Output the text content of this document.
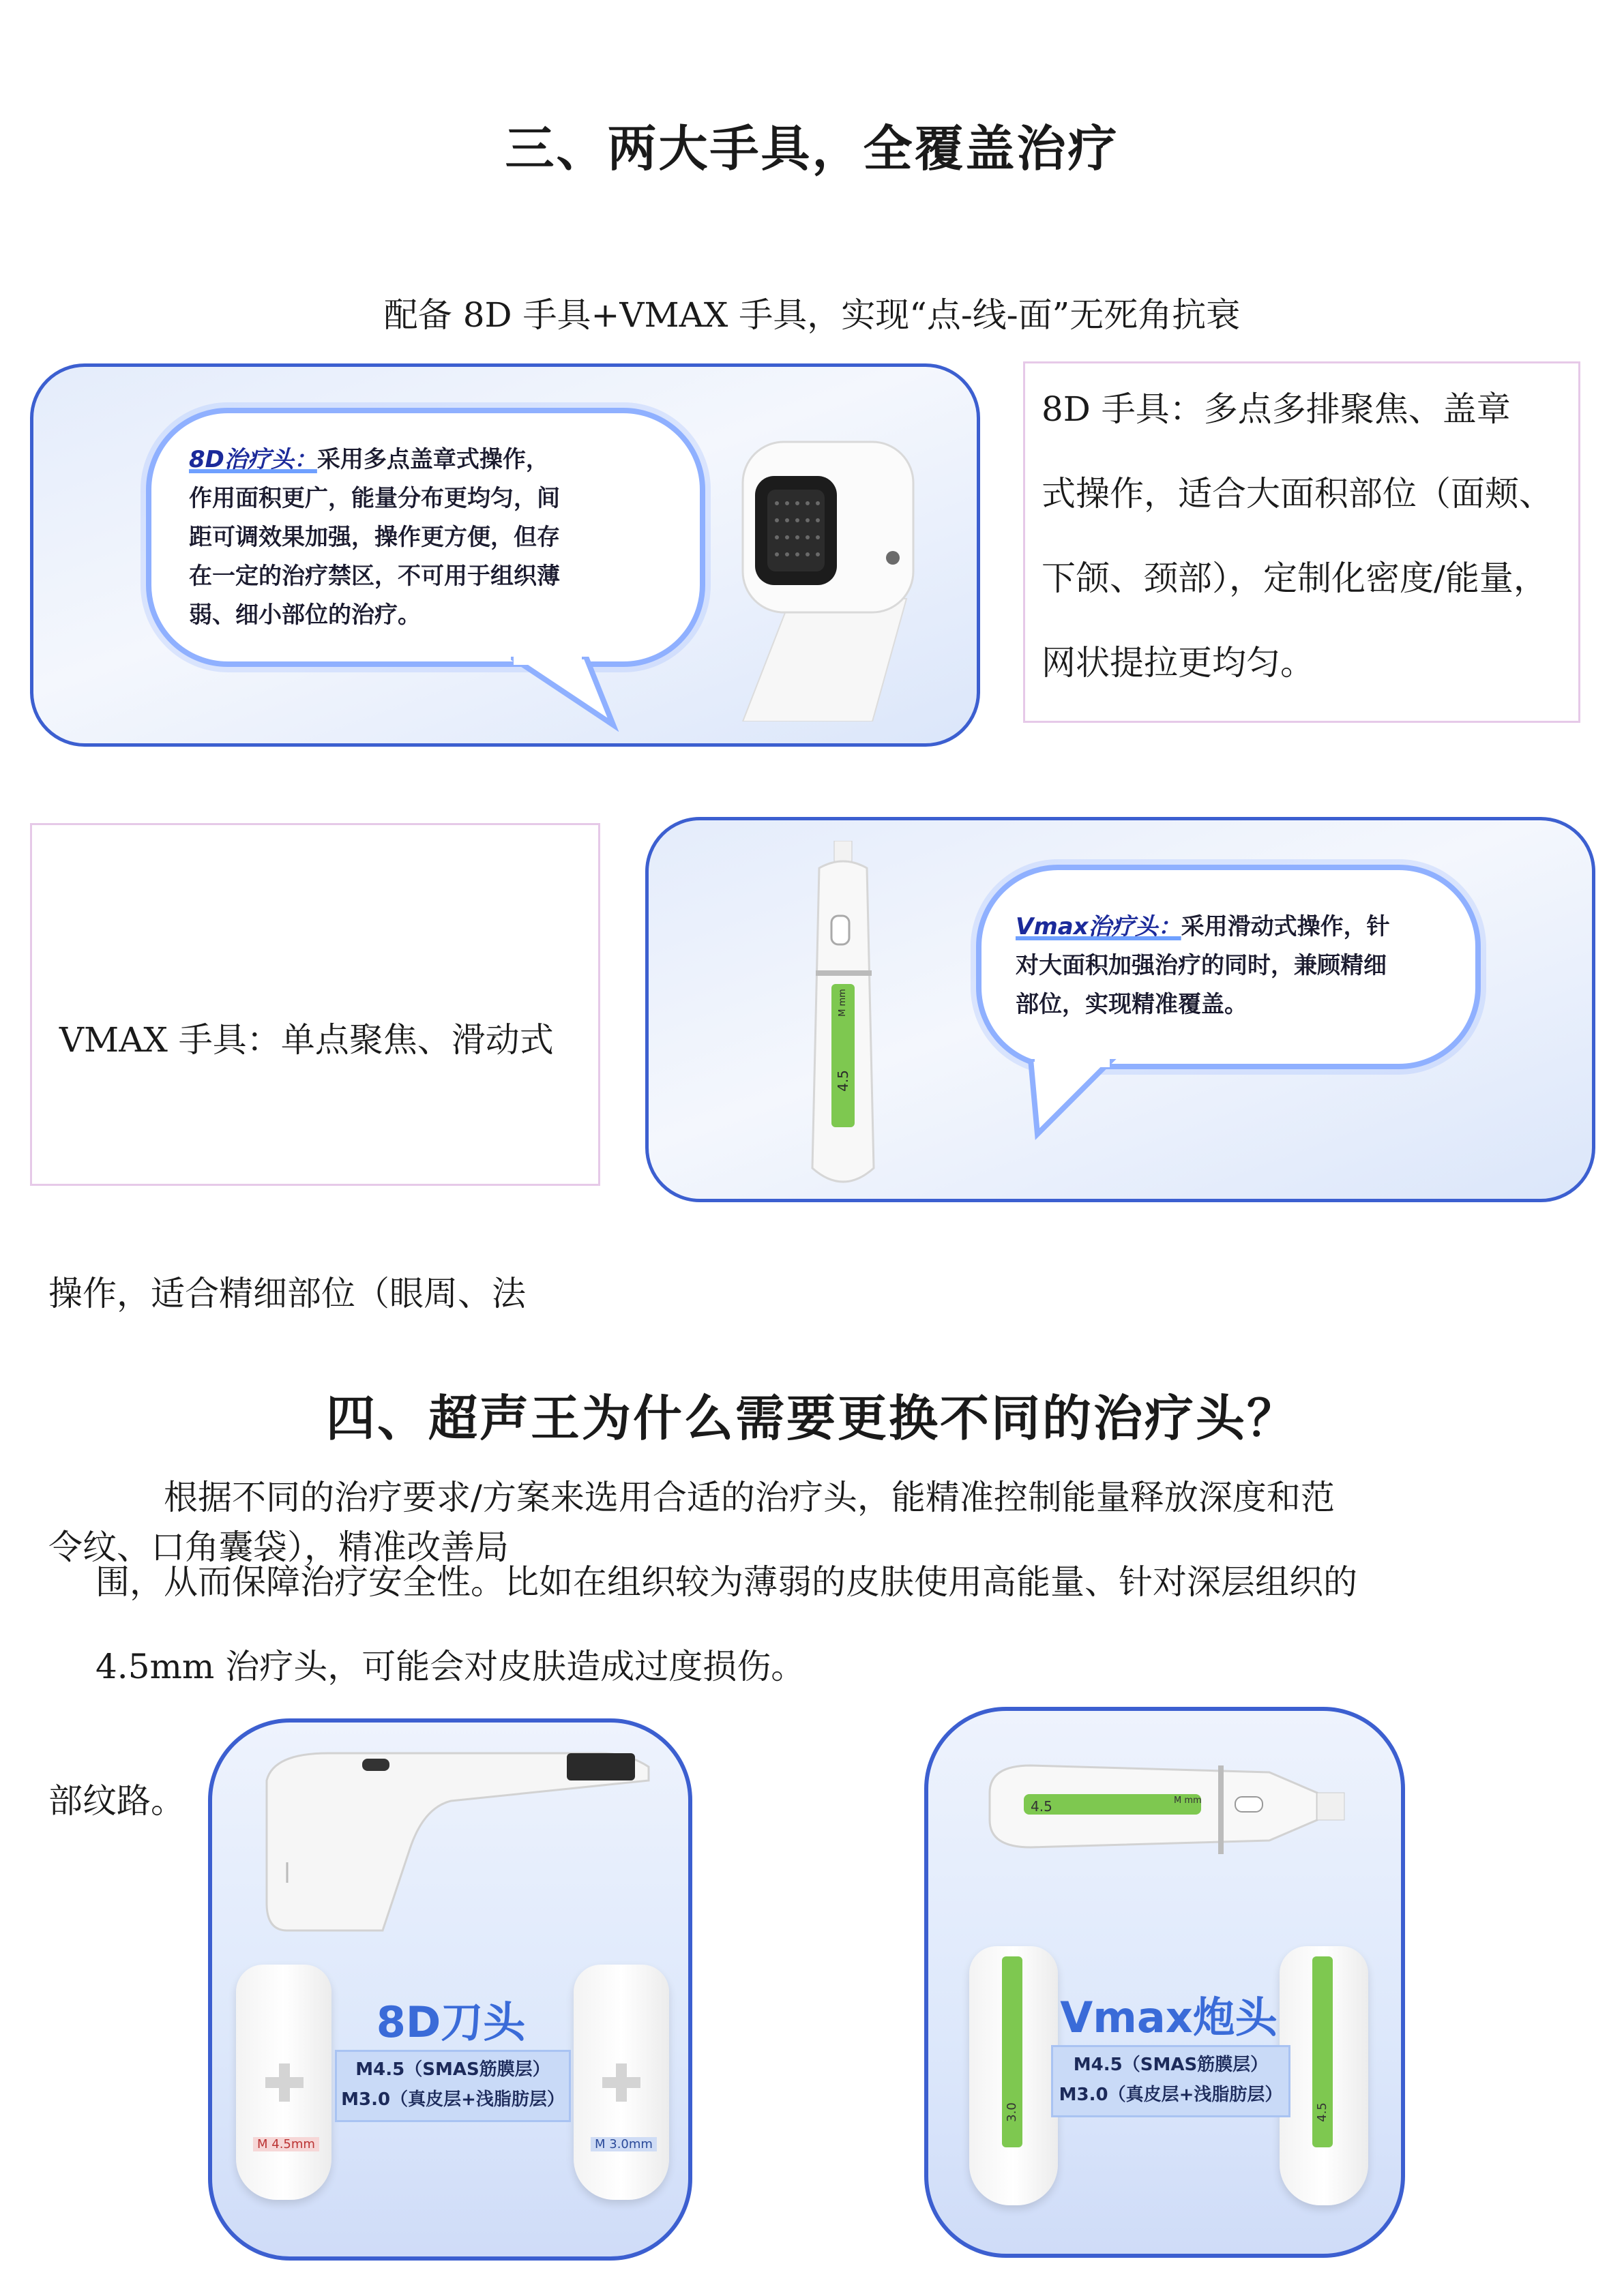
三、两大手具，全覆盖治疗
配备 8D 手具+VMAX 手具，实现“点-线-面”无死角抗衰
8D治疗头：采用多点盖章式操作，
作用面积更广，能量分布更均匀，间
距可调效果加强，操作更方便，但存
在一定的治疗禁区，不可用于组织薄
弱、细小部位的治疗。
8D 手具：多点多排聚焦、盖章
式操作，适合大面积部位（面颊、
下颌、颈部），定制化密度/能量，
网状提拉更均匀。

VMAX 手具：单点聚焦、滑动式

操作，适合精细部位（眼周、法

令纹、口角囊袋），精准改善局

部纹路。

4.5
M mm
Vmax治疗头：采用滑动式操作，针
对大面积加强治疗的同时，兼顾精细
部位，实现精准覆盖。
四、超声王为什么需要更换不同的治疗头？
根据不同的治疗要求/方案来选用合适的治疗头，能精准控制能量释放深度和范
围，从而保障治疗安全性。比如在组织较为薄弱的皮肤使用高能量、针对深层组织的
4.5mm 治疗头，可能会对皮肤造成过度损伤。
M 4.5mm	M 3.0mm
8D刀头
M4.5（SMAS筋膜层）
M3.0（真皮层+浅脂肪层）
4.5	M mm
3.0	4.5
Vmax炮头
M4.5（SMAS筋膜层）
M3.0（真皮层+浅脂肪层）
